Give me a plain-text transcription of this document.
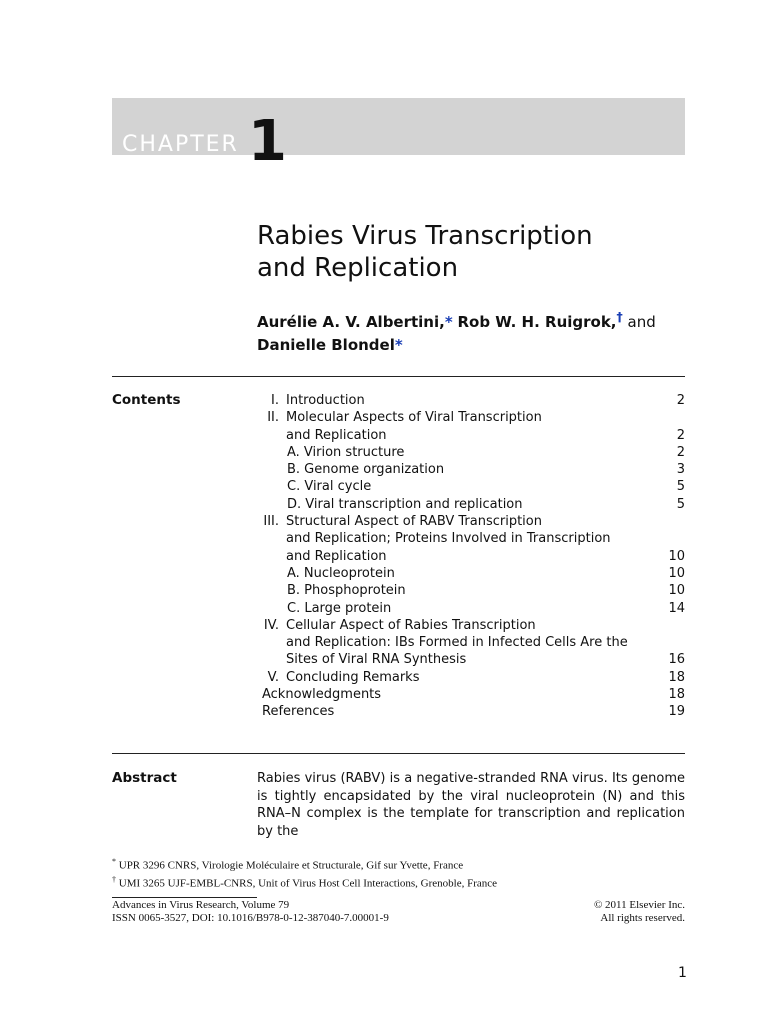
CHAPTER 1
Rabies Virus Transcription
and Replication
Aurélie A. V. Albertini,* Rob W. H. Ruigrok,† and
Danielle Blondel*
Contents	I. Introduction	2
II. Molecular Aspects of Viral Transcription
and Replication	2
A. Virion structure	2
B. Genome organization	3
C. Viral cycle	5
D. Viral transcription and replication	5
III. Structural Aspect of RABV Transcription
and Replication; Proteins Involved in Transcription
and Replication	10
A. Nucleoprotein	10
B. Phosphoprotein	10
C. Large protein	14
IV. Cellular Aspect of Rabies Transcription
and Replication: IBs Formed in Infected Cells Are the
Sites of Viral RNA Synthesis	16
V. Concluding Remarks	18
Acknowledgments	18
References	19
Abstract	Rabies virus (RABV) is a negative-stranded RNA virus. Its genome is tightly encapsidated by the viral nucleoprotein (N) and this RNA–N complex is the template for transcription and replication by the
* UPR 3296 CNRS, Virologie Moléculaire et Structurale, Gif sur Yvette, France
† UMI 3265 UJF-EMBL-CNRS, Unit of Virus Host Cell Interactions, Grenoble, France
Advances in Virus Research, Volume 79	© 2011 Elsevier Inc.
ISSN 0065-3527, DOI: 10.1016/B978-0-12-387040-7.00001-9	All rights reserved.
1
